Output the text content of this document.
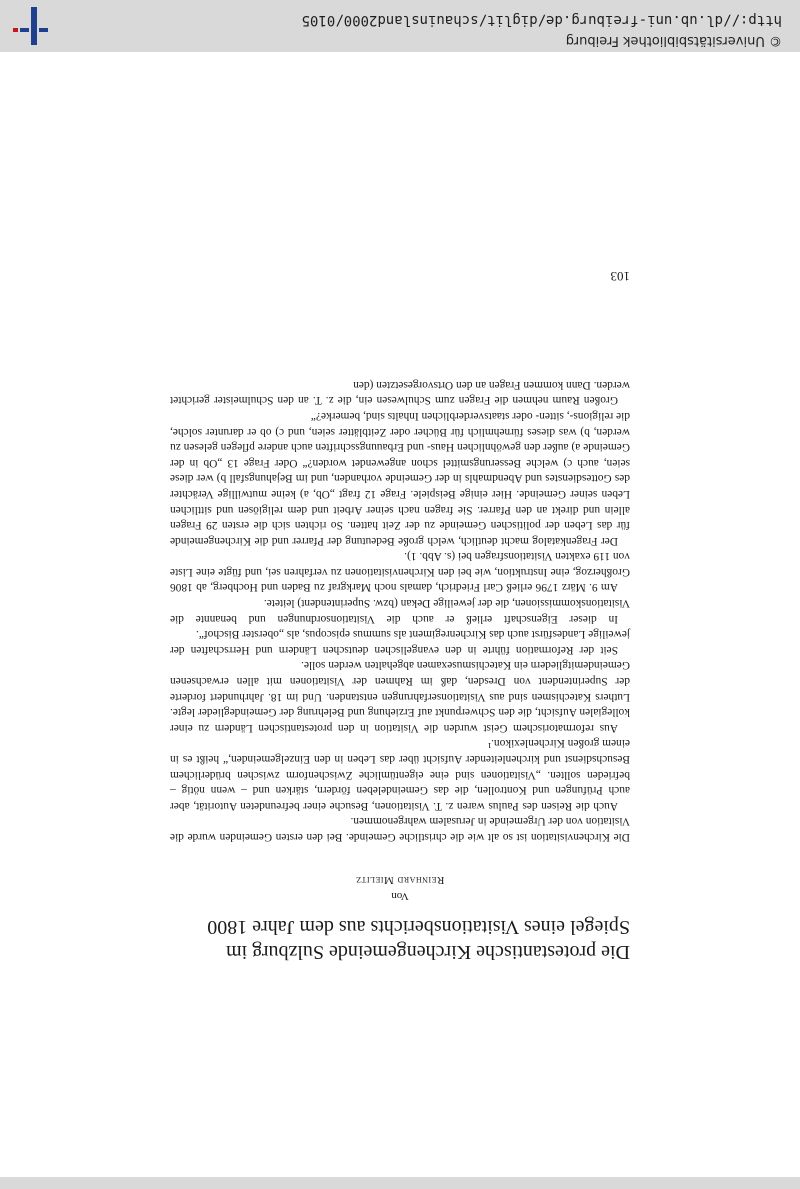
Die protestantische Kirchengemeinde Sulzburg im Spiegel eines Visitationsberichts aus dem Jahre 1800
Von
Reinhard Mielitz

Die Kirchenvisitation ist so alt wie die christliche Gemeinde. Bei den ersten Gemeinden wurde die Visitation von der Urgemeinde in Jerusalem wahrgenommen.

Auch die Reisen des Paulus waren z. T. Visitationen, Besuche einer befreundeten Autorität, aber auch Prüfungen und Kontrollen, die das Gemeindeleben fördern, stärken und – wenn nötig – befrieden sollten. „Visitationen sind eine eigentümliche Zwischenform zwischen brüderlichem Besuchsdienst und kirchenleitender Aufsicht über das Leben in den Einzelgemeinden,“ heißt es in einem großen Kirchenlexikon.¹

Aus reformatorischem Geist wurden die Visitation in den protestantischen Ländern zu einer kollegialen Aufsicht, die den Schwerpunkt auf Erziehung und Belehrung der Gemeindeglieder legte. Luthers Katechismen sind aus Visitationserfahrungen entstanden. Und im 18. Jahrhundert forderte der Superintendent von Dresden, daß im Rahmen der Visitationen mit allen erwachsenen Gemeindemitgliedern ein Katechismusexamen abgehalten werden solle.

Seit der Reformation führte in den evangelischen deutschen Ländern und Herrschaften der jeweilige Landesfürst auch das Kirchenregiment als summus episcopus, als „oberster Bischof“.

In dieser Eigenschaft erließ er auch die Visitationsordnungen und benannte die Visitationskommissionen, die der jeweilige Dekan (bzw. Superintendent) leitete.

Am 9. März 1796 erließ Carl Friedrich, damals noch Markgraf zu Baden und Hochberg, ab 1806 Großherzog, eine Instruktion, wie bei den Kirchenvisitationen zu verfahren sei, und fügte eine Liste von 119 exakten Visitationsfragen bei (s. Abb. 1).

Der Fragenkatalog macht deutlich, welch große Bedeutung der Pfarrer und die Kirchengemeinde für das Leben der politischen Gemeinde zu der Zeit hatten. So richten sich die ersten 29 Fragen allein und direkt an den Pfarrer. Sie fragen nach seiner Arbeit und dem religiösen und sittlichen Leben seiner Gemeinde. Hier einige Beispiele. Frage 12 fragt „Ob, a) keine mutwillige Verächter des Gottesdienstes und Abendmahls in der Gemeinde vorhanden, und im Bejahungsfall b) wer diese seien, auch c) welche Besserungsmittel schon angewendet worden?“ Oder Frage 13 „Ob in der Gemeinde a) außer den gewöhnlichen Haus- und Erbauungsschriften auch andere pflegen gelesen zu werden, b) was dieses fürnehmlich für Bücher oder Zeitblätter seien, und c) ob er darunter solche, die religions-, sitten- oder staatsverderblichen Inhalts sind, bemerke?“

Großen Raum nehmen die Fragen zum Schulwesen ein, die z. T. an den Schulmeister gerichtet werden. Dann kommen Fragen an den Ortsvorgesetzten (den

103
© Universitätsbibliothek Freiburg
http://dl.ub.uni-freiburg.de/diglit/schauinsland2000/0105
